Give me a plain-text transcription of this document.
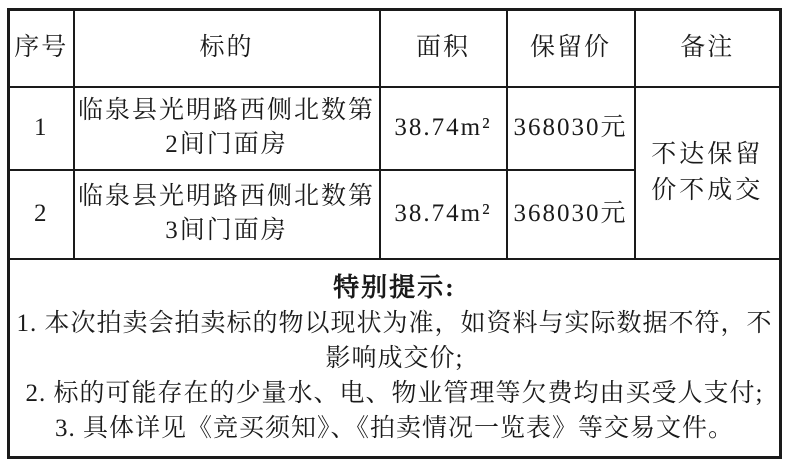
序号	标的	面积	保留价	备注
1	临泉县光明路西侧北数第2间门面房	38.74m²	368030元	不达保留价不成交
2	临泉县光明路西侧北数第3间门面房	38.74m²	368030元	

特别提示:
1. 本次拍卖会拍卖标的物以现状为准，如资料与实际数据不符，不影响成交价;
2. 标的可能存在的少量水、电、物业管理等欠费均由买受人支付;
3. 具体详见《竞买须知》、《拍卖情况一览表》等交易文件。				
